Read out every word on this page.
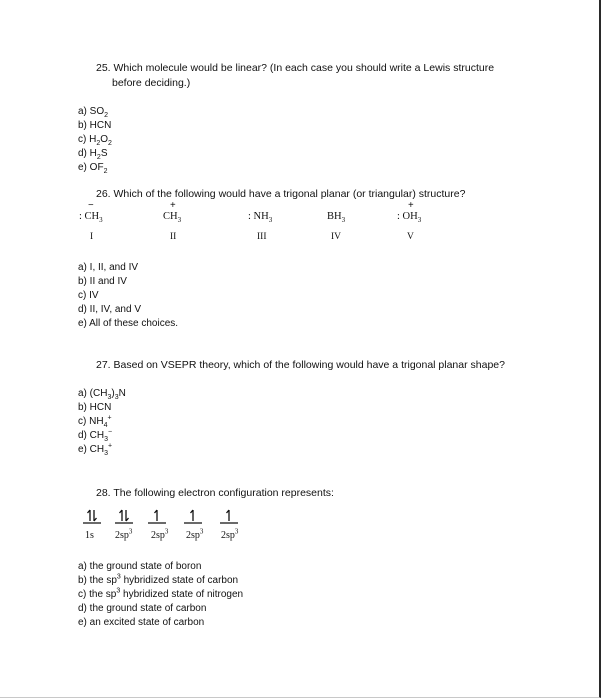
25. Which molecule would be linear? (In each case you should write a Lewis structure
before deciding.)
a) $SO_2$
b) HCN
c) $H_2O_2$
d) $H_2S$
e) $OF_2$
26. Which of the following would have a trigonal planar (or triangular) structure?
−
: $CH_3$
I
+
$CH_3$
II
: $NH_3$
III
$BH_3$
IV
+
: $OH_3$
V
a) I, II, and IV
b) II and IV
c) IV
d) II, IV, and V
e) All of these choices.
27. Based on VSEPR theory, which of the following would have a trigonal planar shape?
a) $(CH_3)_3N$
b) HCN
c) $NH_4^+$
d) $CH_3^-$
e) $CH_3^+$
28. The following electron configuration represents:
1s $2sp^3$ $2sp^3$ $2sp^3$ $2sp^3$
a) the ground state of boron
b) the $sp^3$ hybridized state of carbon
c) the $sp^3$ hybridized state of nitrogen
d) the ground state of carbon
e) an excited state of carbon
